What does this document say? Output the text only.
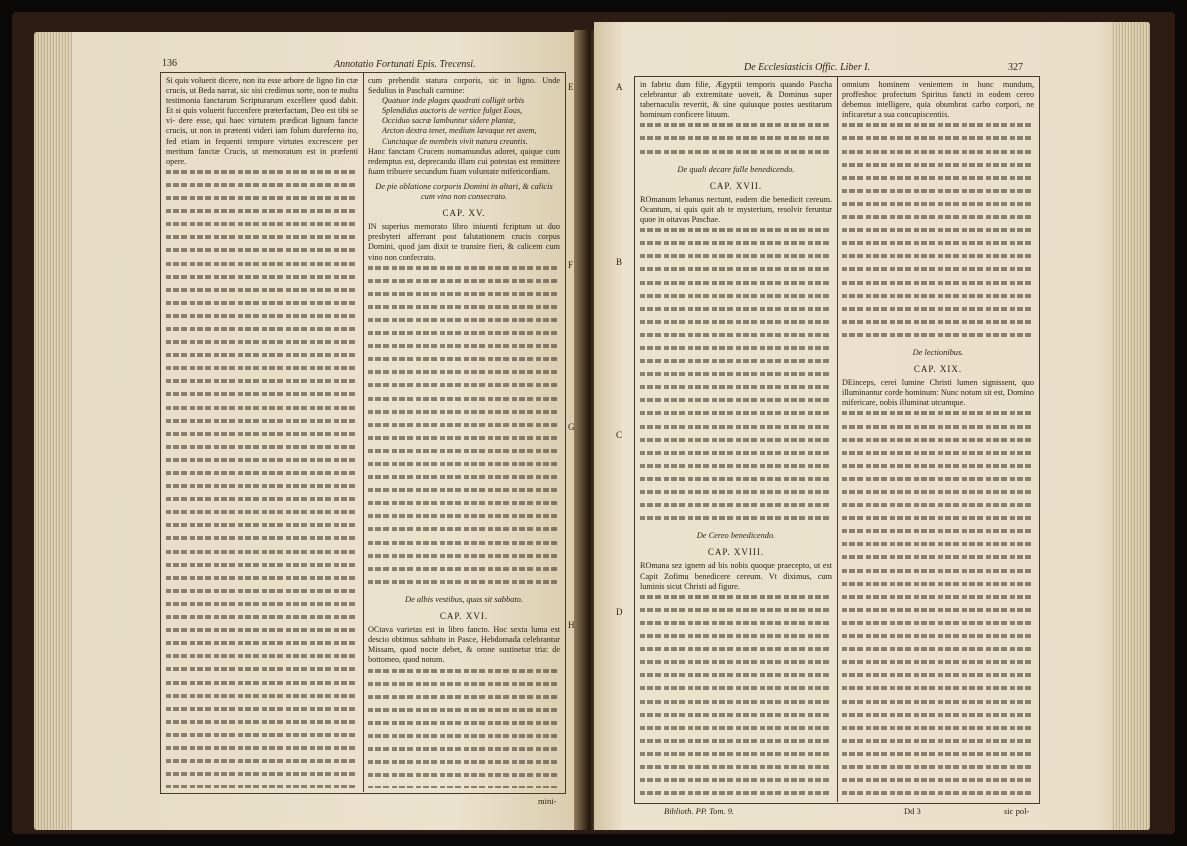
136	Annotatio Fortunati Epis. Trecensi.

Si quis voluerit dicere, non ita esse arbore de ligno fin ctæ crucis, ut Beda narrat, sic sisi credimus sorte, non te multa testimonia fanctarum Scripturarum excellere quod dabit. Et si quis voluerit fuccenfere præterfactam, Deo est tibi se vi- dere esse, qui haec virtutem prædicat lignum fancte crucis, ut non in prætenti videri iam folum dureferno ito, fed etiam in fequenti tempore virtutes excrescere per meritum fanctæ Crucis, ut memoratum est in præfenti opere.

cum prehendit statura corporis, sic in ligno. Unde Sedulius in Paschali carmine:

Quatuor inde plagas quadrati colligit orbis

Splendidus auctoris de vertice fulget Eous,

Occiduo sacræ lambuntur sidere plantæ,

Arcton dextra tenet, medium lævaque ret axem,

Cunctaque de membris vivit natura creantis.

Hanc fanctam Crucem nomamundus adoret, quique cum redemptus est, deprecandu illam cui potestas est remittere fuam tribuere secundum fuam voluntate mifericordiam.

De pie oblatione corporis Domini in altari, & calicis cum vino non consecrato.
CAP. XV.

IN superius memorato libro iniuenti fcriptum ut duo presbyteri afferrant post falutationem crucis corpus Domini, quod jam dixit te transire fieri, & calicem cum vino non confecrato.

De albis vestibus, quas sit sabbato.
CAP. XVI.

OCtava varietas est in libro fancto. Hoc sexta luma est descio obtimus sabbato in Pasce, Hebdomada celebrantur Missam, quod nocte debet, & omne sustinetur tria: de bottomeo, quod notum.

E
F
G
H
mini-
De Ecclesiasticis Offic. Liber I.	327
A
B
C
D

in fabriu dum filie, Ægyptii temporis quando Pascha celebrantur ab extremitate uoveit, & Dominus super tabernaculis revertit, & sine quiusque postes uestitarum hominum conficere lituum.

De quali decare falle benedicendo.
CAP. XVII.

ROmanum lebanus nectunt, eodem die benedicit cereum. Ocantum, si quis quit ab te mysterium, resolvir feruntur quoe in oitavas Paschae.

De Cereo benedicendo.
CAP. XVIII.

ROmana sez ignem ad bis nobis quoque praecepto, ut est Capit Zofimu benedicere cereum. Vt diximus, cum luminis sicut Christi ad figure.

omnium hominem venientem in hunc mundum, proffeshoc profectum Spiritus fancti in eodem cereo debemus intelligere, quia obumbrat carbo corpori, ne inficaretur a sua concupiscentiis.

De lectionibus.
CAP. XIX.

DEinceps, cerei lumine Christi lumen signissent, quo illuminantur corde hominum: Nunc notum sit est, Domino mifericare, nobis illuminat utcumque.

Biblioth. PP. Tom. 9.	Dd 3	sic pol-
